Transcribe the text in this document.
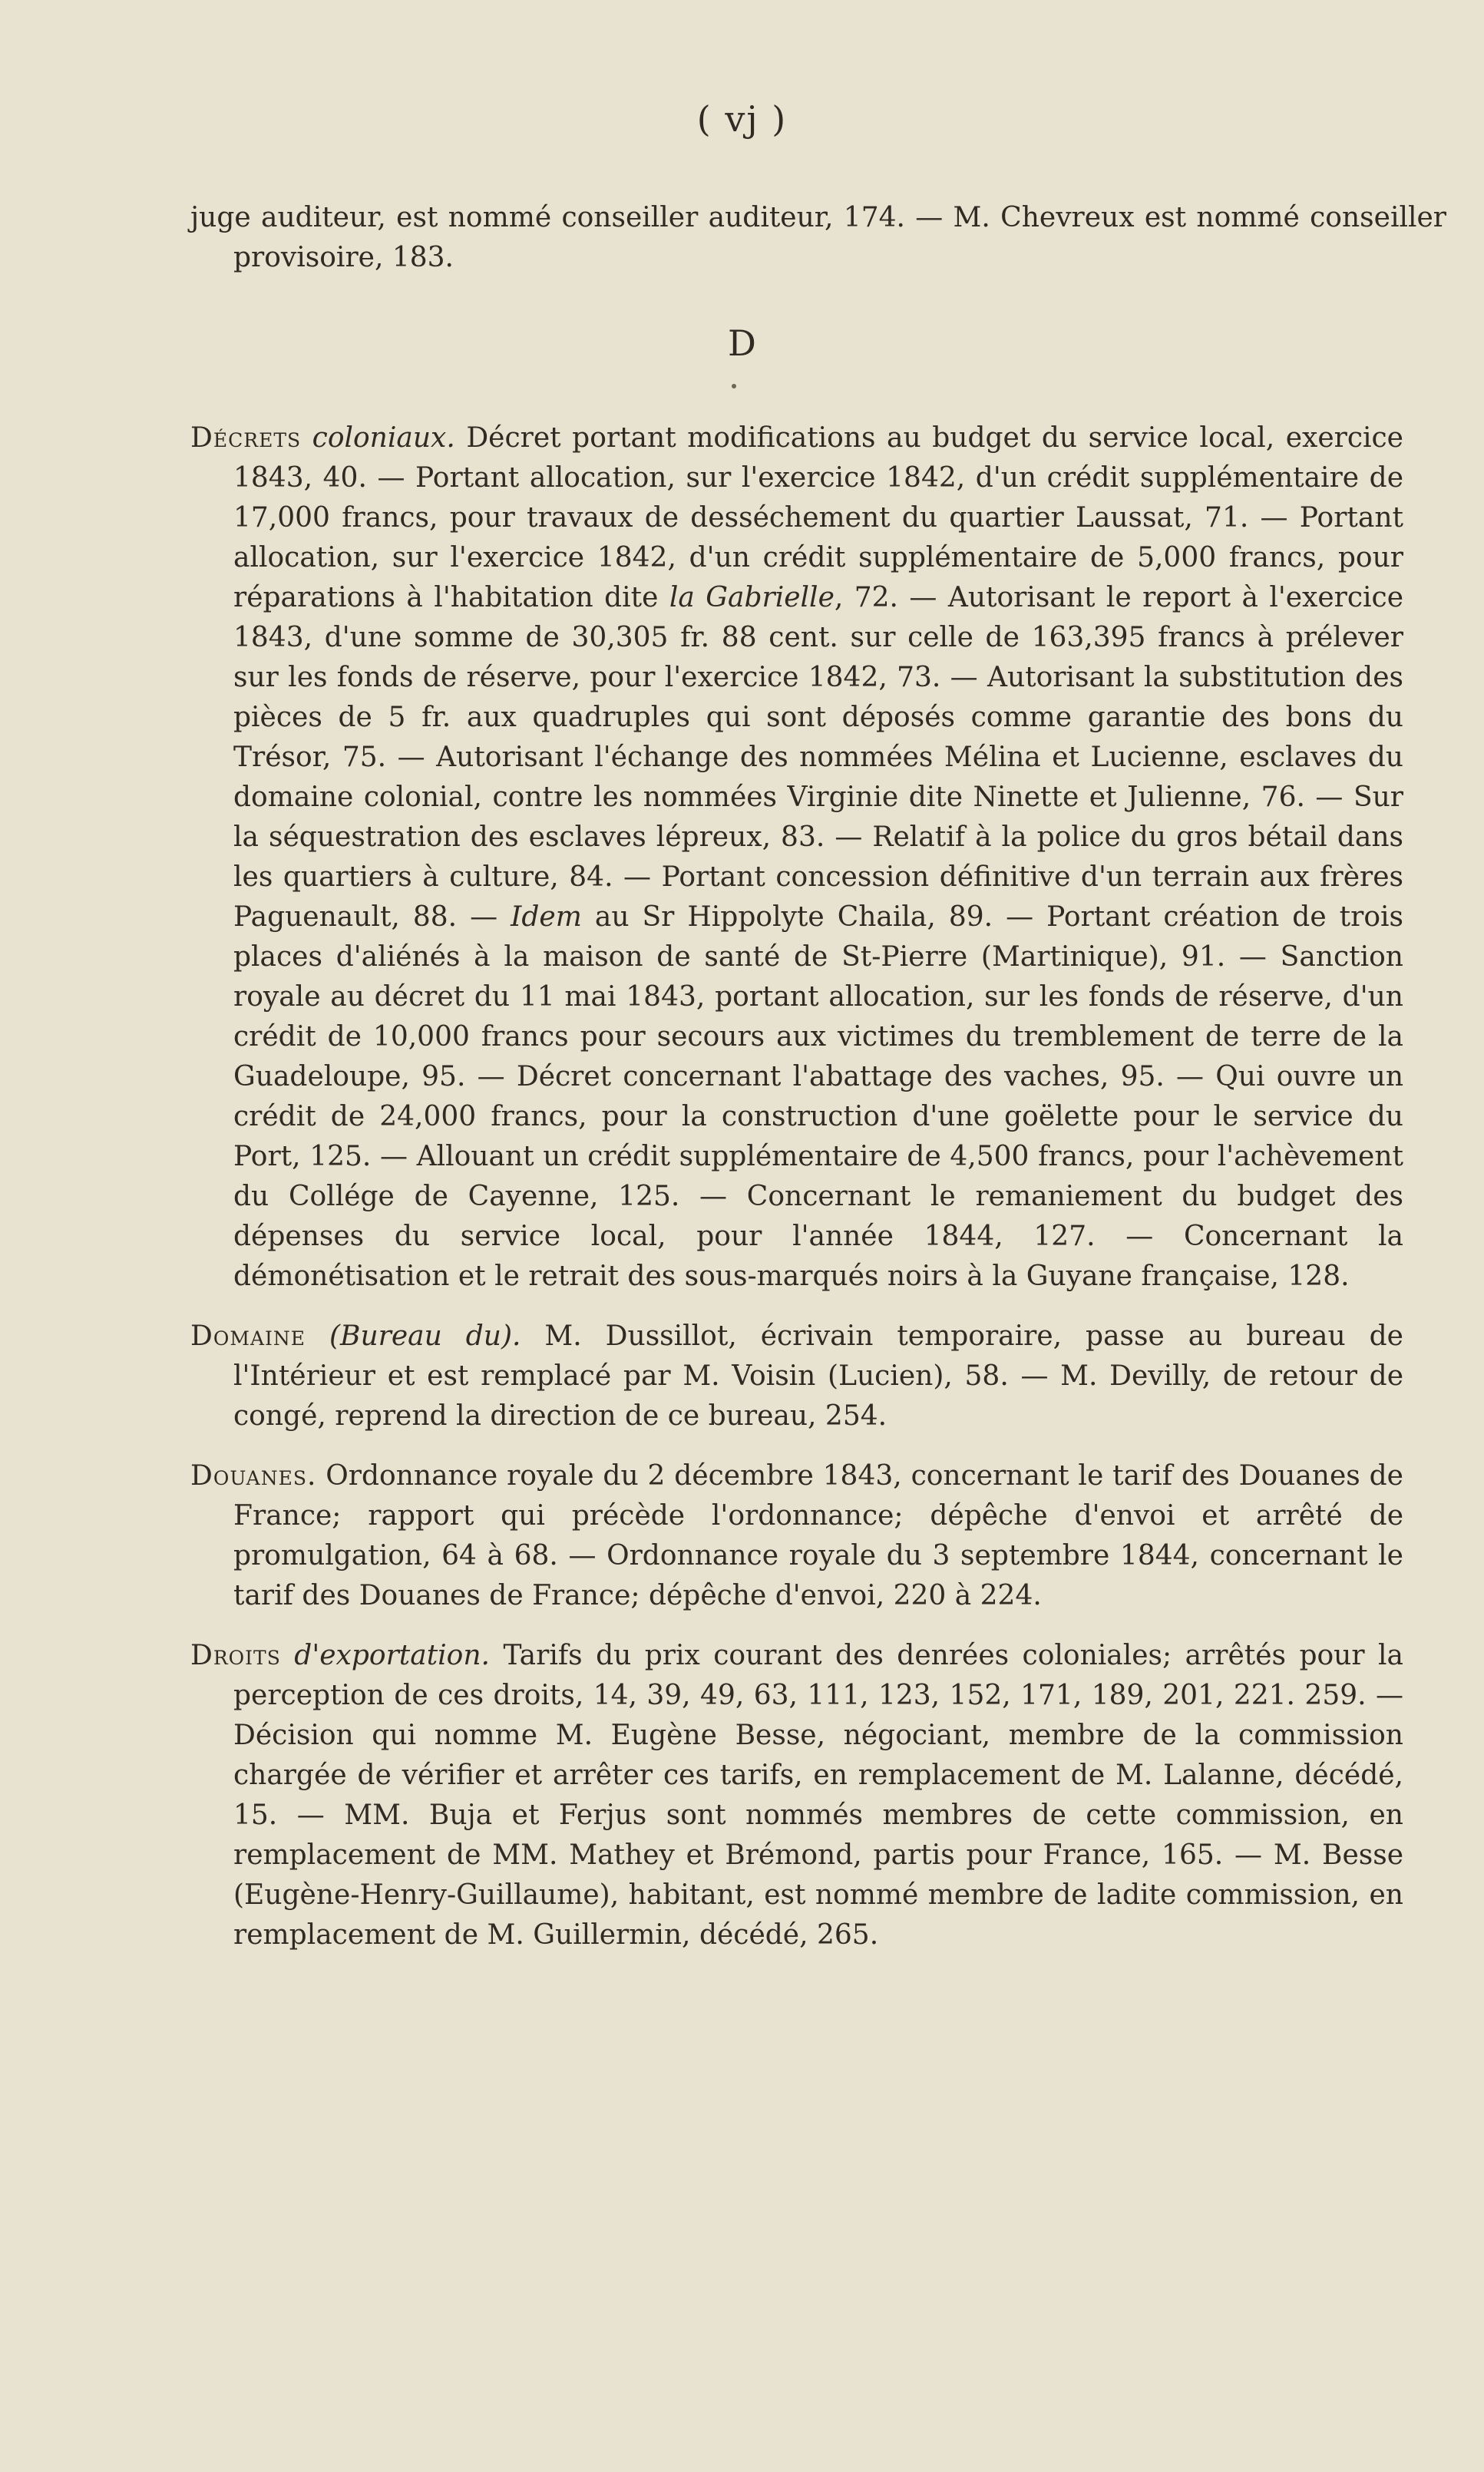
( vj )

juge auditeur, est nommé conseiller auditeur, 174. — M. Chevreux est nommé conseiller provisoire, 183.

D

Décrets coloniaux. Décret portant modifications au budget du service local, exercice 1843, 40. — Portant allocation, sur l'exercice 1842, d'un crédit supplémentaire de 17,000 francs, pour travaux de desséchement du quartier Laussat, 71. — Portant allocation, sur l'exercice 1842, d'un crédit supplémentaire de 5,000 francs, pour réparations à l'habitation dite la Gabrielle, 72. — Autorisant le report à l'exercice 1843, d'une somme de 30,305 fr. 88 cent. sur celle de 163,395 francs à prélever sur les fonds de réserve, pour l'exercice 1842, 73. — Autorisant la substitution des pièces de 5 fr. aux quadruples qui sont déposés comme garantie des bons du Trésor, 75. — Autorisant l'échange des nommées Mélina et Lucienne, esclaves du domaine colonial, contre les nommées Virginie dite Ninette et Julienne, 76. — Sur la séquestration des esclaves lépreux, 83. — Relatif à la police du gros bétail dans les quartiers à culture, 84. — Portant concession définitive d'un terrain aux frères Paguenault, 88. — Idem au Sr Hippolyte Chaila, 89. — Portant création de trois places d'aliénés à la maison de santé de St-Pierre (Martinique), 91. — Sanction royale au décret du 11 mai 1843, portant allocation, sur les fonds de réserve, d'un crédit de 10,000 francs pour secours aux victimes du tremblement de terre de la Guadeloupe, 95. — Décret concernant l'abattage des vaches, 95. — Qui ouvre un crédit de 24,000 francs, pour la construction d'une goëlette pour le service du Port, 125. — Allouant un crédit supplémentaire de 4,500 francs, pour l'achèvement du Collége de Cayenne, 125. — Concernant le remaniement du budget des dépenses du service local, pour l'année 1844, 127. — Concernant la démonétisation et le retrait des sous-marqués noirs à la Guyane française, 128.

Domaine (Bureau du). M. Dussillot, écrivain temporaire, passe au bureau de l'Intérieur et est remplacé par M. Voisin (Lucien), 58. — M. Devilly, de retour de congé, reprend la direction de ce bureau, 254.

Douanes. Ordonnance royale du 2 décembre 1843, concernant le tarif des Douanes de France; rapport qui précède l'ordonnance; dépêche d'envoi et arrêté de promulgation, 64 à 68. — Ordonnance royale du 3 septembre 1844, concernant le tarif des Douanes de France; dépêche d'envoi, 220 à 224.

Droits d'exportation. Tarifs du prix courant des denrées coloniales; arrêtés pour la perception de ces droits, 14, 39, 49, 63, 111, 123, 152, 171, 189, 201, 221. 259. — Décision qui nomme M. Eugène Besse, négociant, membre de la commission chargée de vérifier et arrêter ces tarifs, en remplacement de M. Lalanne, décédé, 15. — MM. Buja et Ferjus sont nommés membres de cette commission, en remplacement de MM. Mathey et Brémond, partis pour France, 165. — M. Besse (Eugène-Henry-Guillaume), habitant, est nommé membre de ladite commission, en remplacement de M. Guillermin, décédé, 265.
